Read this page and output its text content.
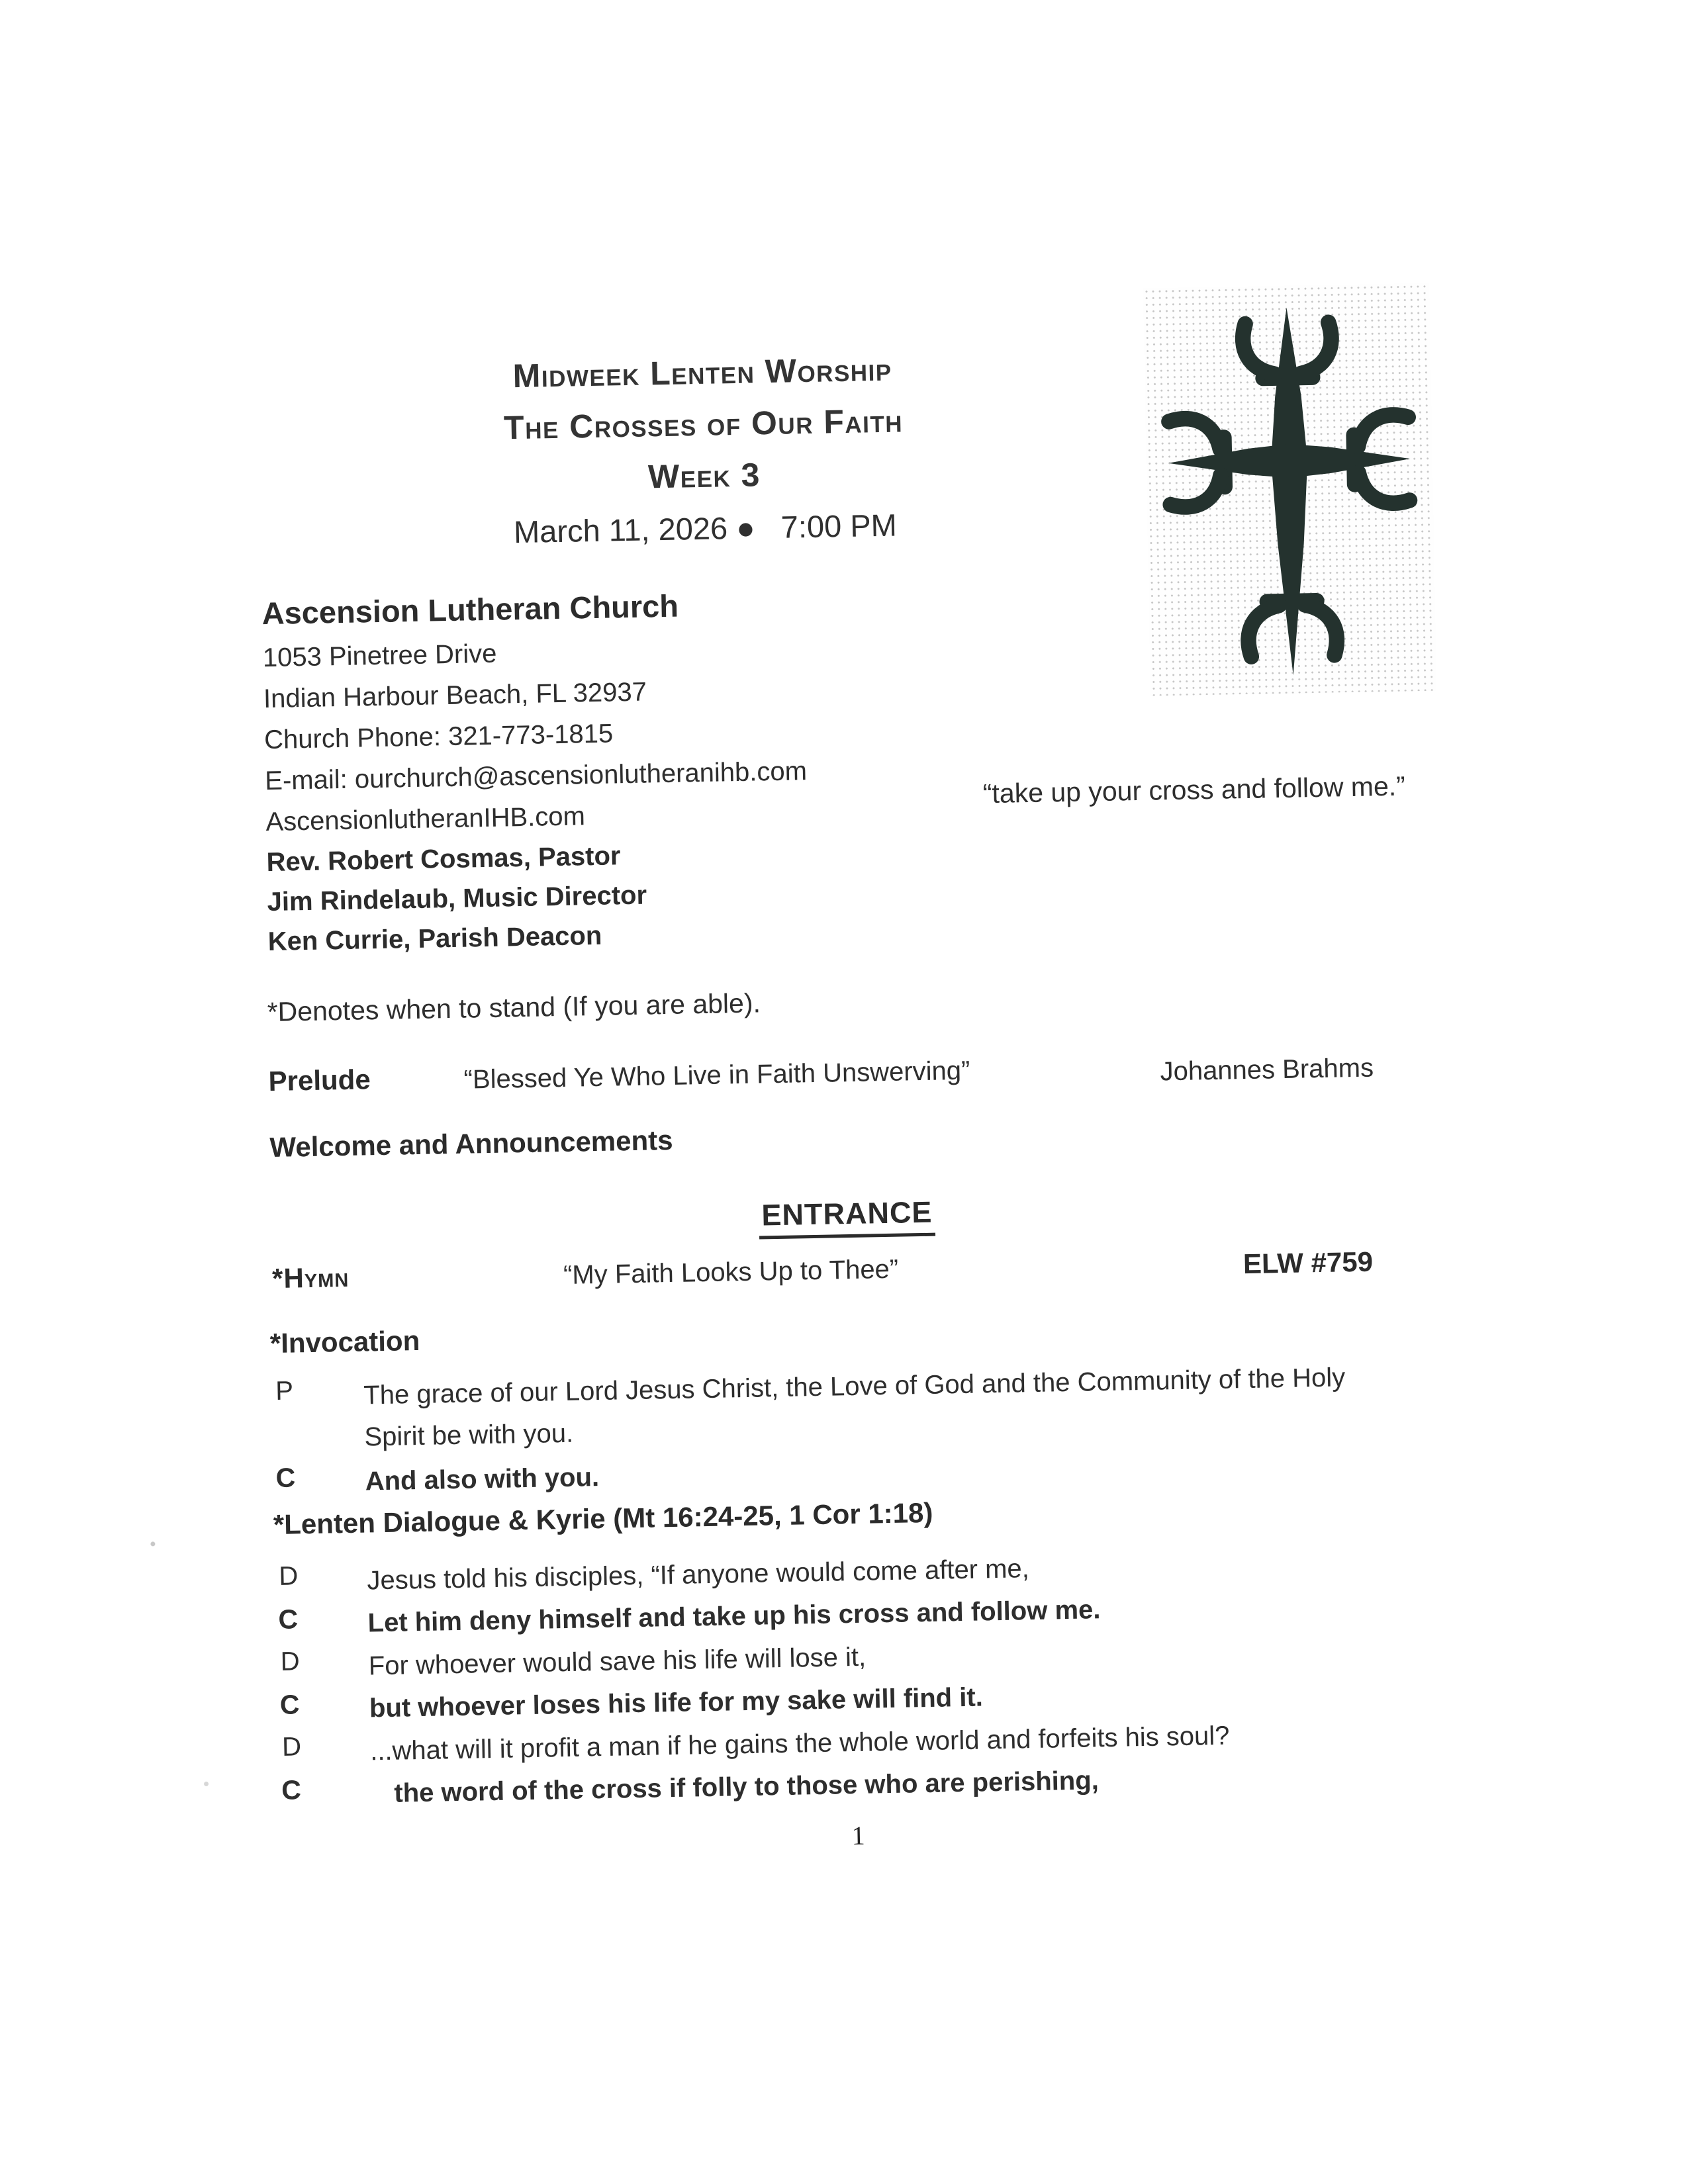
Midweek Lenten Worship
The Crosses of Our Faith
Week 3
March 11, 2026 ●   7:00 PM
Ascension Lutheran Church
1053 Pinetree Drive
Indian Harbour Beach, FL 32937
Church Phone: 321-773-1815
E-mail: ourchurch@ascensionlutheranihb.com
AscensionlutheranIHB.com
Rev. Robert Cosmas, Pastor
Jim Rindelaub, Music Director
Ken Currie, Parish Deacon
“take up your cross and follow me.”
*Denotes when to stand (If you are able).
Prelude	“Blessed Ye Who Live in Faith Unswerving”	Johannes Brahms
Welcome and Announcements
ENTRANCE
*Hymn	“My Faith Looks Up to Thee”	ELW #759
*Invocation
P	The grace of our Lord Jesus Christ, the Love of God and the Community of the Holy Spirit be with you.
C	And also with you.
*Lenten Dialogue & Kyrie (Mt 16:24-25, 1 Cor 1:18)
D	Jesus told his disciples, “If anyone would come after me,
C	Let him deny himself and take up his cross and follow me.
D	For whoever would save his life will lose it,
C	but whoever loses his life for my sake will find it.
D	...what will it profit a man if he gains the whole world and forfeits his soul?
C	the word of the cross if folly to those who are perishing,
1
